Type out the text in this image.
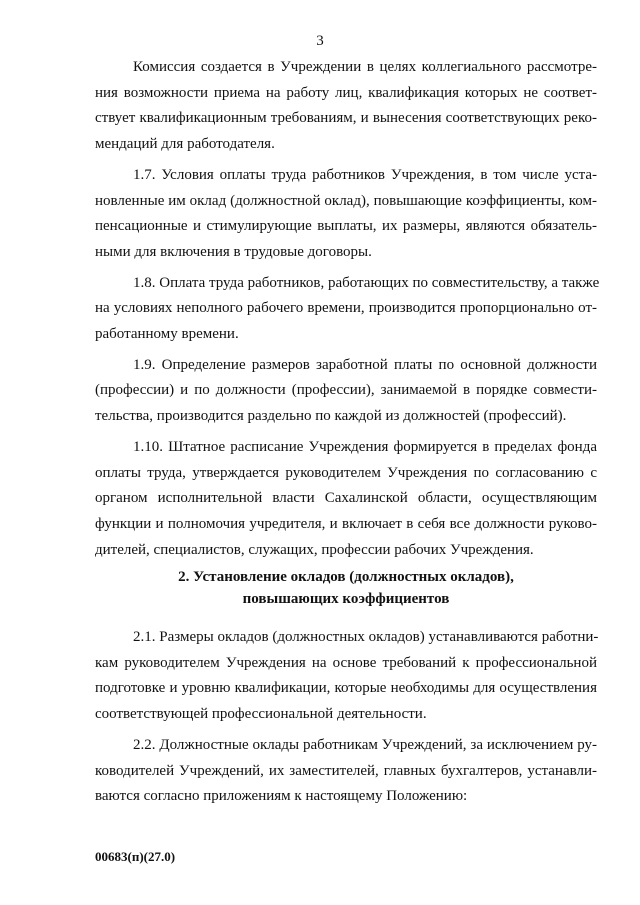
3
Комиссия создается в Учреждении в целях коллегиального рассмотре-
ния возможности приема на работу лиц, квалификация которых не соответ-
ствует квалификационным требованиям, и вынесения соответствующих реко-
мендаций для работодателя.
1.7. Условия оплаты труда работников Учреждения, в том числе уста-
новленные им оклад (должностной оклад), повышающие коэффициенты, ком-
пенсационные и стимулирующие выплаты, их размеры, являются обязатель-
ными для включения в трудовые договоры.
1.8. Оплата труда работников, работающих по совместительству, а также
на условиях неполного рабочего времени, производится пропорционально от-
работанному времени.
1.9. Определение размеров заработной платы по основной должности
(профессии) и по должности (профессии), занимаемой в порядке совмести-
тельства, производится раздельно по каждой из должностей (профессий).
1.10. Штатное расписание Учреждения формируется в пределах фонда
оплаты труда, утверждается руководителем Учреждения по согласованию с
органом исполнительной власти Сахалинской области, осуществляющим
функции и полномочия учредителя, и включает в себя все должности руково-
дителей, специалистов, служащих, профессии рабочих Учреждения.
2. Установление окладов (должностных окладов),
повышающих коэффициентов
2.1. Размеры окладов (должностных окладов) устанавливаются работни-
кам руководителем Учреждения на основе требований к профессиональной
подготовке и уровню квалификации, которые необходимы для осуществления
соответствующей профессиональной деятельности.
2.2. Должностные оклады работникам Учреждений, за исключением ру-
ководителей Учреждений, их заместителей, главных бухгалтеров, устанавли-
ваются согласно приложениям к настоящему Положению:
00683(п)(27.0)
